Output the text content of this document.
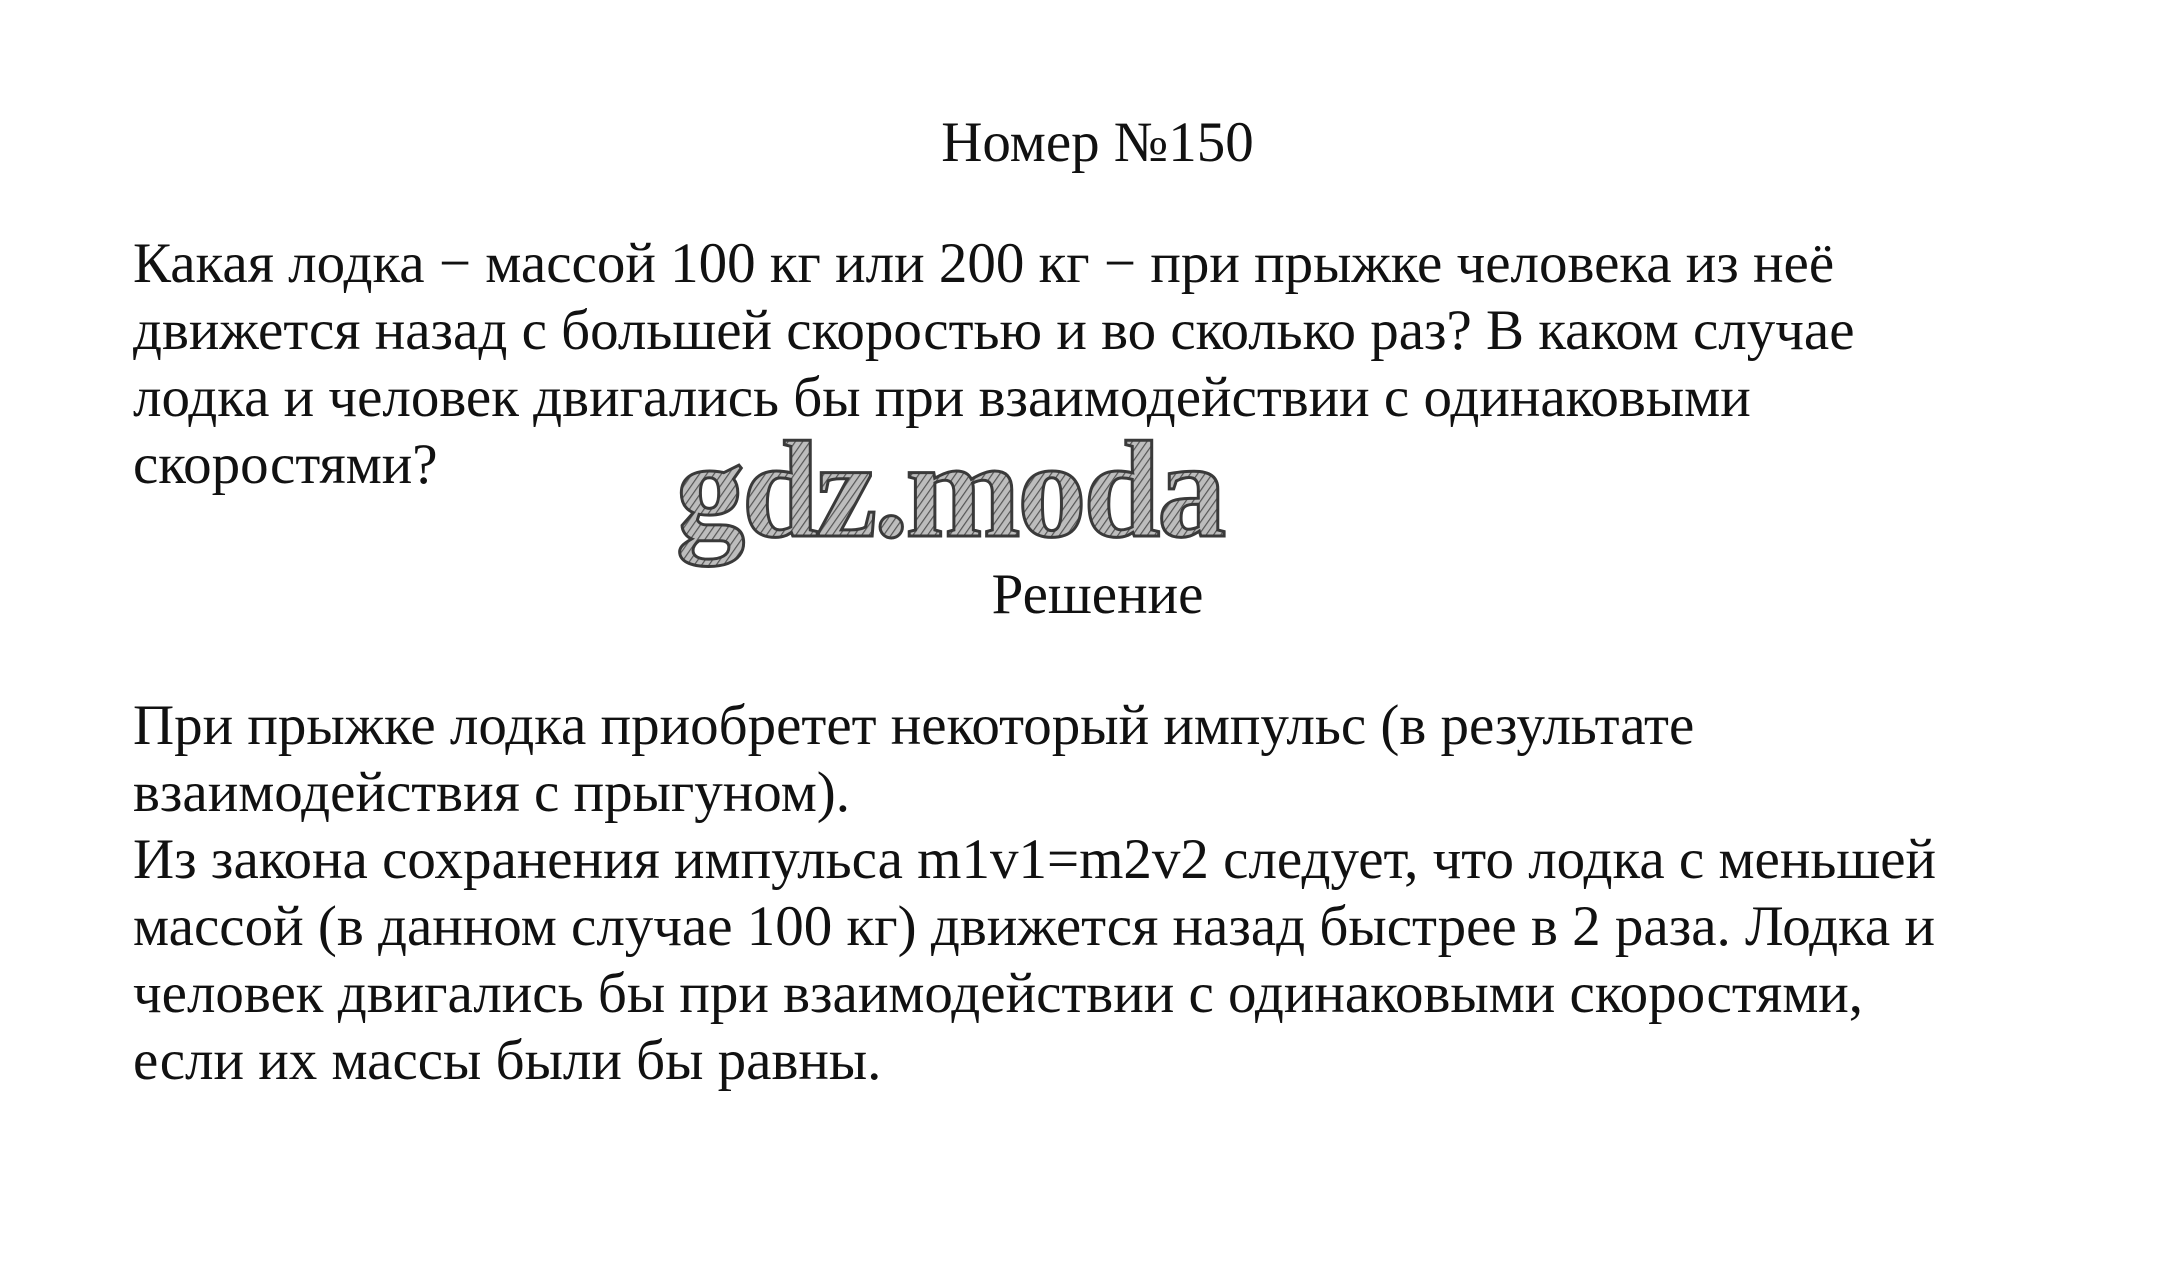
Номер №150
Какая лодка − массой 100 кг или 200 кг − при прыжке человека из неё
движется назад с большей скоростью и во сколько раз? В каком случае
лодка и человек двигались бы при взаимодействии с одинаковыми
скоростями?	gdz.moda
Решение
При прыжке лодка приобретет некоторый импульс (в результате
взаимодействия с прыгуном).
Из закона сохранения импульса m1v1=m2v2 следует, что лодка с меньшей
массой (в данном случае 100 кг) движется назад быстрее в 2 раза. Лодка и
человек двигались бы при взаимодействии с одинаковыми скоростями,
если их массы были бы равны.
